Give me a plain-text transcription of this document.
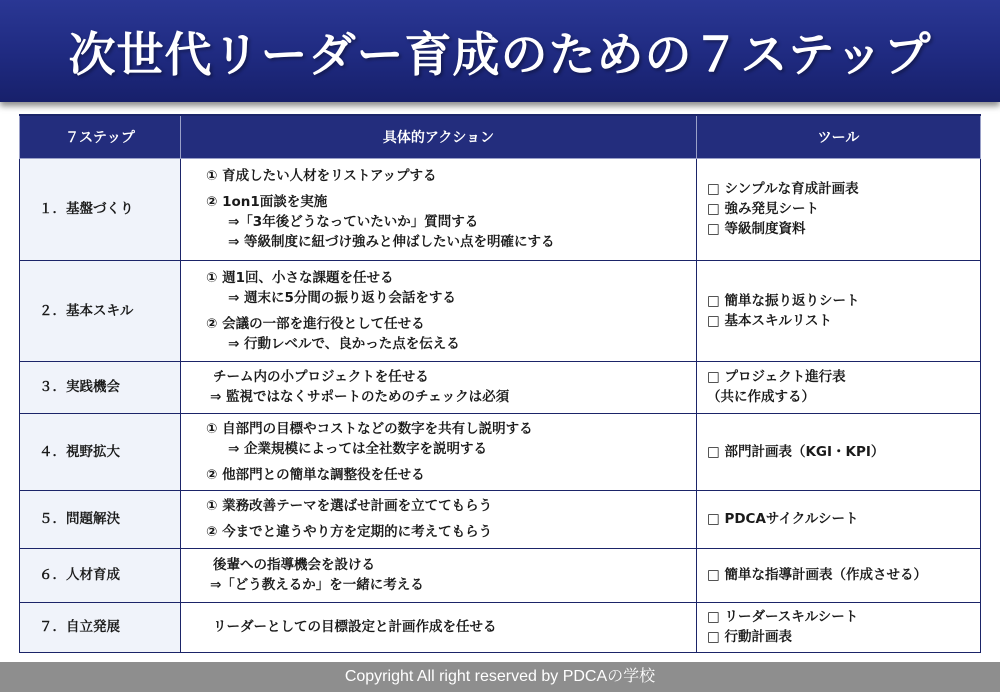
次世代リーダー育成のための７ステップ
７ステップ	具体的アクション	ツール
１．基盤づくり	① 育成したい人材をリストアップする
② 1on1面談を実施
⇒「3年後どうなっていたいか」質問する
⇒ 等級制度に紐づけ強みと伸ばしたい点を明確にする	□ シンプルな育成計画表
□ 強み発見シート
□ 等級制度資料

２．基本スキル	① 週1回、小さな課題を任せる
⇒ 週末に5分間の振り返り会話をする
② 会議の一部を進行役として任せる
⇒ 行動レベルで、良かった点を伝える	□ 簡単な振り返りシート
□ 基本スキルリスト

３．実践機会	チーム内の小プロジェクトを任せる
⇒ 監視ではなくサポートのためのチェックは必須	□ プロジェクト進行表
（共に作成する）

４．視野拡大	① 自部門の目標やコストなどの数字を共有し説明する
⇒ 企業規模によっては全社数字を説明する
② 他部門との簡単な調整役を任せる	□ 部門計画表（KGI・KPI）

５．問題解決	① 業務改善テーマを選ばせ計画を立ててもらう
② 今までと違うやり方を定期的に考えてもらう	□ PDCAサイクルシート

６．人材育成	後輩への指導機会を設ける
⇒「どう教えるか」を一緒に考える	□ 簡単な指導計画表（作成させる）

７．自立発展	リーダーとしての目標設定と計画作成を任せる	□ リーダースキルシート
□ 行動計画表
Copyright All right reserved by PDCAの学校
